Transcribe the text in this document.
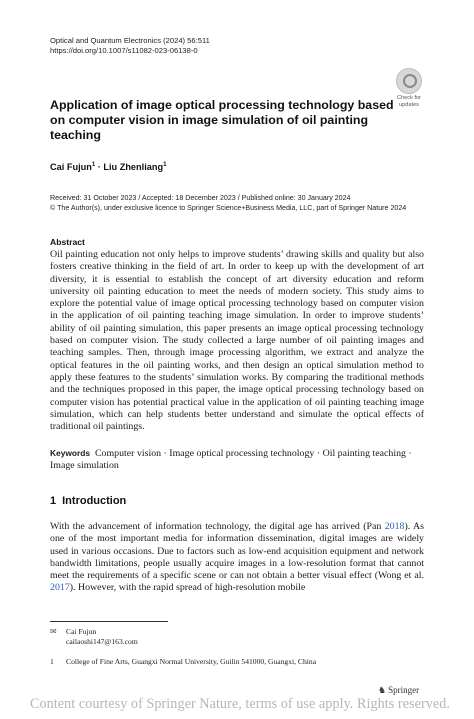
Optical and Quantum Electronics (2024) 56:511
https://doi.org/10.1007/s11082-023-06138-0
Check for
updates
Application of image optical processing technology based on computer vision in image simulation of oil painting teaching
Cai Fujun$^1$ · Liu Zhenliang$^1$
Received: 31 October 2023 / Accepted: 18 December 2023 / Published online: 30 January 2024
© The Author(s), under exclusive licence to Springer Science+Business Media, LLC, part of Springer Nature 2024
Abstract
Oil painting education not only helps to improve students’ drawing skills and quality but also fosters creative thinking in the field of art. In order to keep up with the development of art diversity, it is essential to establish the concept of art diversity education and reform university oil painting education to meet the needs of modern society. This study aims to explore the potential value of image optical processing technology based on computer vision in the application of oil painting teaching image simulation. In order to improve students’ ability of oil painting simulation, this paper presents an image optical processing technology based on computer vision. The study collected a large number of oil painting images and teaching samples. Then, through image processing algorithm, we extract and analyze the optical features in the oil painting works, and then design an optical simulation method to apply these features to the students’ simulation works. By comparing the traditional methods and the techniques proposed in this paper, the image optical processing technology based on computer vision has potential practical value in the application of oil painting teaching image simulation, which can help students better understand and simulate the optical effects of traditional oil paintings.
Keywords Computer vision · Image optical processing technology · Oil painting teaching · Image simulation
1 Introduction
With the advancement of information technology, the digital age has arrived (Pan 2018). As one of the most important media for information dissemination, digital images are widely used in various occasions. Due to factors such as low-end acquisition equipment and network bandwidth limitations, people usually acquire images in a low-resolution format that cannot meet the requirements of a specific scene or can not obtain a better visual effect (Wong et al. 2017). However, with the rapid spread of high-resolution mobile
✉ Cai Fujun
cailaoshi147@163.com
1 College of Fine Arts, Guangxi Normal University, Guilin 541000, Guangxi, China
♞ Springer
Content courtesy of Springer Nature, terms of use apply. Rights reserved.
